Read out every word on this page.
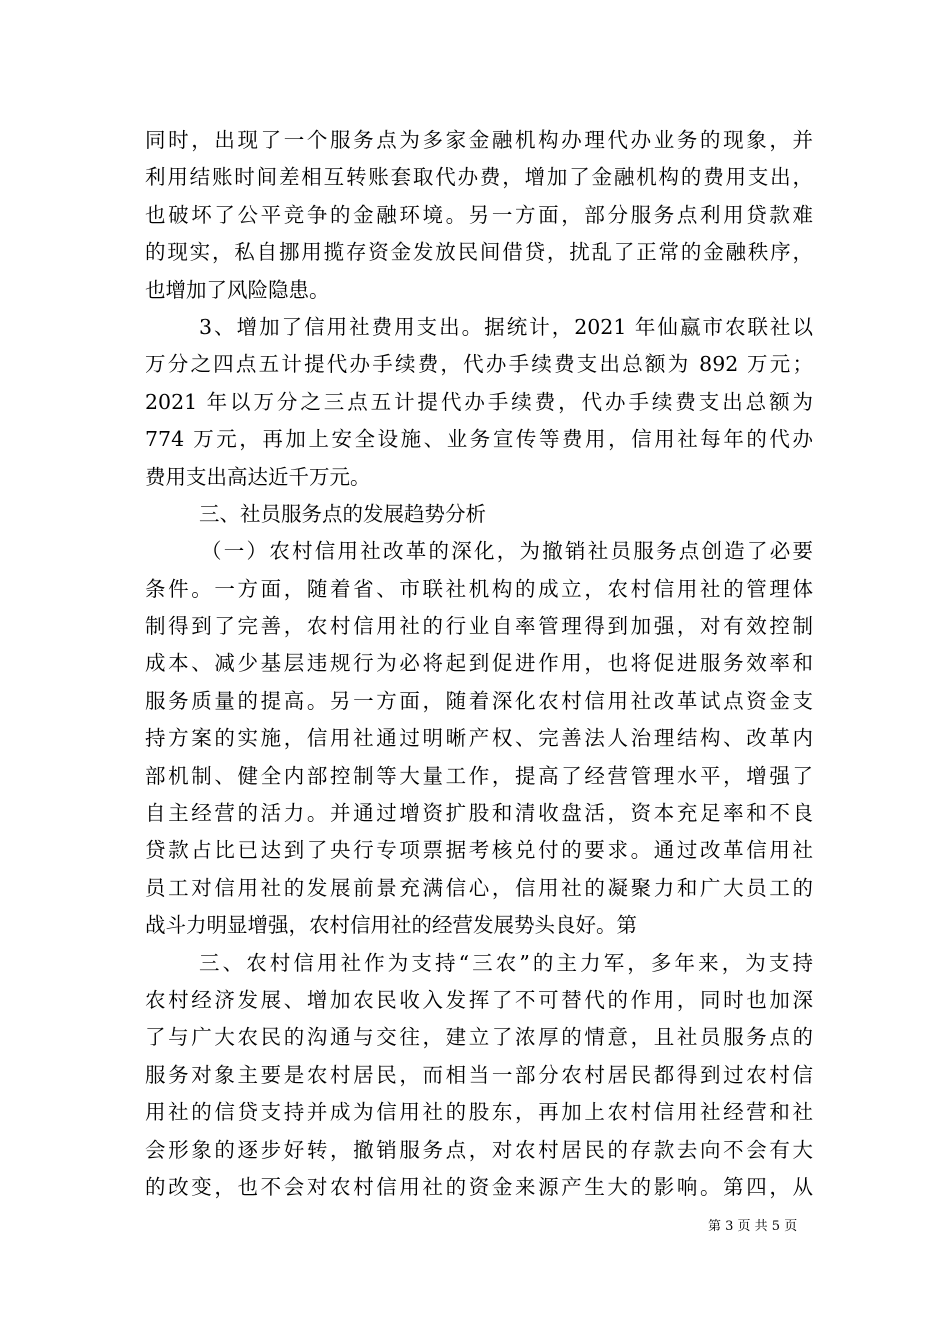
同时，出现了一个服务点为多家金融机构办理代办业务的现象，并
利用结账时间差相互转账套取代办费，增加了金融机构的费用支出，
也破坏了公平竞争的金融环境。另一方面，部分服务点利用贷款难
的现实，私自挪用揽存资金发放民间借贷，扰乱了正常的金融秩序，
也增加了风险隐患。
3、增加了信用社费用支出。据统计，2021 年仙嬴市农联社以
万分之四点五计提代办手续费，代办手续费支出总额为 892 万元；
2021 年以万分之三点五计提代办手续费，代办手续费支出总额为
774 万元，再加上安全设施、业务宣传等费用，信用社每年的代办
费用支出高达近千万元。
三、社员服务点的发展趋势分析
（一）农村信用社改革的深化，为撤销社员服务点创造了必要
条件。一方面，随着省、市联社机构的成立，农村信用社的管理体
制得到了完善，农村信用社的行业自率管理得到加强，对有效控制
成本、减少基层违规行为必将起到促进作用，也将促进服务效率和
服务质量的提高。另一方面，随着深化农村信用社改革试点资金支
持方案的实施，信用社通过明晰产权、完善法人治理结构、改革内
部机制、健全内部控制等大量工作，提高了经营管理水平，增强了
自主经营的活力。并通过增资扩股和清收盘活，资本充足率和不良
贷款占比已达到了央行专项票据考核兑付的要求。通过改革信用社
员工对信用社的发展前景充满信心，信用社的凝聚力和广大员工的
战斗力明显增强，农村信用社的经营发展势头良好。第
三、农村信用社作为支持“三农”的主力军，多年来，为支持
农村经济发展、增加农民收入发挥了不可替代的作用，同时也加深
了与广大农民的沟通与交往，建立了浓厚的情意，且社员服务点的
服务对象主要是农村居民，而相当一部分农村居民都得到过农村信
用社的信贷支持并成为信用社的股东，再加上农村信用社经营和社
会形象的逐步好转，撤销服务点，对农村居民的存款去向不会有大
的改变，也不会对农村信用社的资金来源产生大的影响。第四，从
第 3 页 共 5 页
